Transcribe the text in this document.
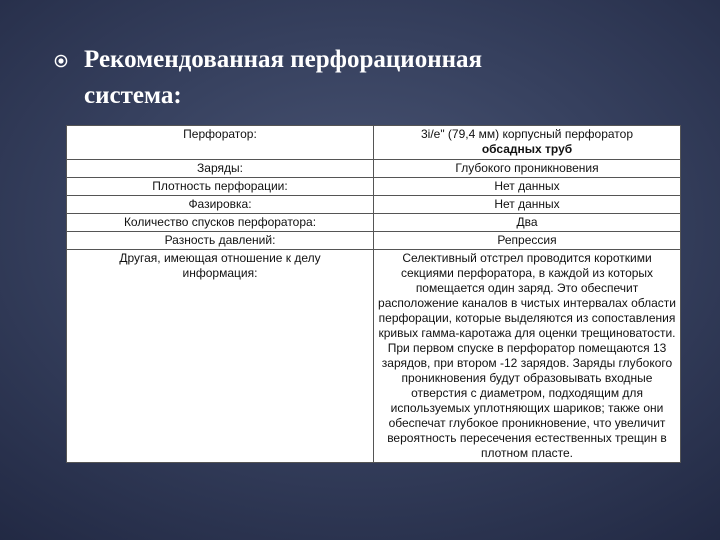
Рекомендованная перфорационная
система:
Перфоратор:	3i/e" (79,4 мм) корпусный перфоратор
обсадных труб

Заряды:	Глубокого проникновения
Плотность перфорации:	Нет данных
Фазировка:	Нет данных
Количество спусков перфоратора:	Два
Разность давлений:	Репрессия

Другая, имеющая отношение к делу
информация:	Селективный отстрел проводится короткими секциями перфоратора, в каждой из которых помещается один заряд. Это обеспечит расположение каналов в чистых интервалах области перфорации, которые выделяются из сопоставления кривых гамма-каротажа для оценки трещиноватости. При первом спуске в перфоратор помещаются 13 зарядов, при втором -12 зарядов. Заряды глубокого проникновения будут образовывать входные отверстия с диаметром, подходящим для используемых уплотняющих шариков; также они обеспечат глубокое проникновение, что увеличит вероятность пересечения естественных трещин в плотном пласте.
